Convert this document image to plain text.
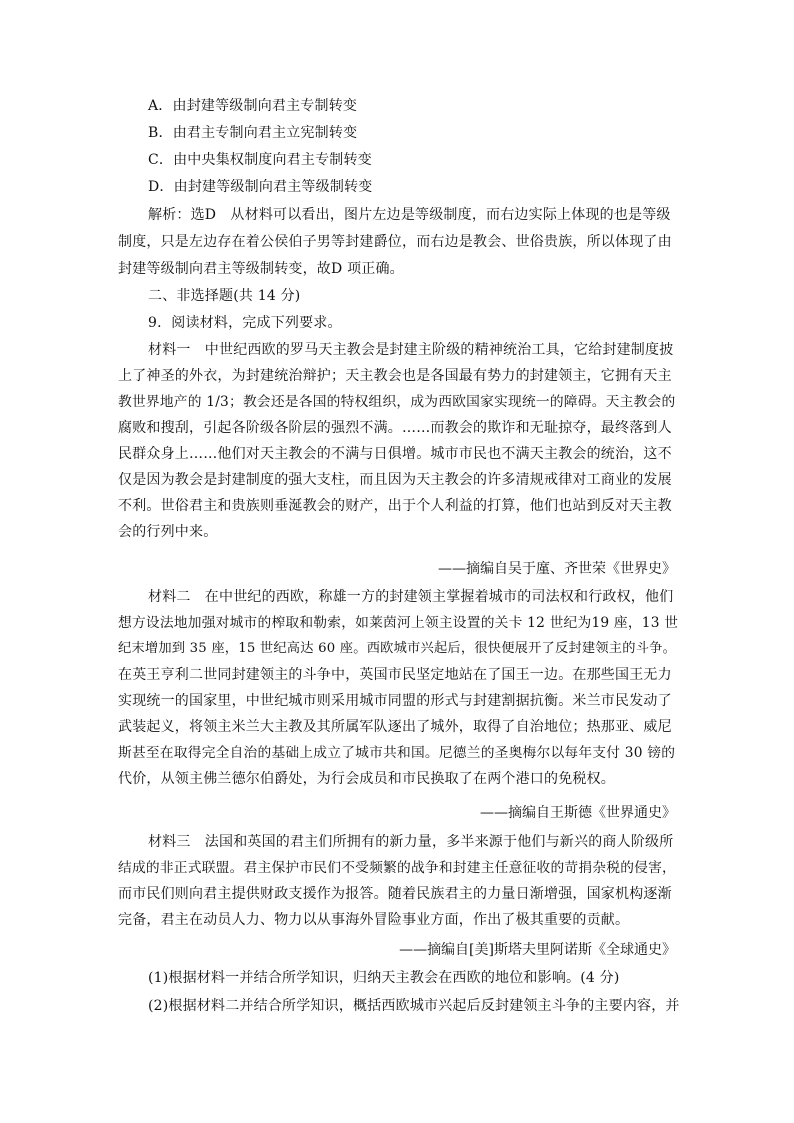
A．由封建等级制向君主专制转变
B．由君主专制向君主立宪制转变
C．由中央集权制度向君主专制转变
D．由封建等级制向君主等级制转变
解析：选D　从材料可以看出，图片左边是等级制度，而右边实际上体现的也是等级
制度，只是左边存在着公侯伯子男等封建爵位，而右边是教会、世俗贵族，所以体现了由
封建等级制向君主等级制转变，故D 项正确。
二、非选择题(共 14 分)
9．阅读材料，完成下列要求。
材料一　中世纪西欧的罗马天主教会是封建主阶级的精神统治工具，它给封建制度披
上了神圣的外衣，为封建统治辩护；天主教会也是各国最有势力的封建领主，它拥有天主
教世界地产的 1/3；教会还是各国的特权组织，成为西欧国家实现统一的障碍。天主教会的
腐败和搜刮，引起各阶级各阶层的强烈不满。……而教会的欺诈和无耻掠夺，最终落到人
民群众身上……他们对天主教会的不满与日俱增。城市市民也不满天主教会的统治，这不
仅是因为教会是封建制度的强大支柱，而且因为天主教会的许多清规戒律对工商业的发展
不利。世俗君主和贵族则垂涎教会的财产，出于个人利益的打算，他们也站到反对天主教
会的行列中来。
——摘编自吴于廑、齐世荣《世界史》
材料二　在中世纪的西欧，称雄一方的封建领主掌握着城市的司法权和行政权，他们
想方设法地加强对城市的榨取和勒索，如莱茵河上领主设置的关卡 12 世纪为19 座，13 世
纪末增加到 35 座，15 世纪高达 60 座。西欧城市兴起后，很快便展开了反封建领主的斗争。
在英王亨利二世同封建领主的斗争中，英国市民坚定地站在了国王一边。在那些国王无力
实现统一的国家里，中世纪城市则采用城市同盟的形式与封建割据抗衡。米兰市民发动了
武装起义，将领主米兰大主教及其所属军队逐出了城外，取得了自治地位；热那亚、威尼
斯甚至在取得完全自治的基础上成立了城市共和国。尼德兰的圣奥梅尔以每年支付 30 镑的
代价，从领主佛兰德尔伯爵处，为行会成员和市民换取了在两个港口的免税权。
——摘编自王斯德《世界通史》
材料三　法国和英国的君主们所拥有的新力量，多半来源于他们与新兴的商人阶级所
结成的非正式联盟。君主保护市民们不受频繁的战争和封建主任意征收的苛捐杂税的侵害，
而市民们则向君主提供财政支援作为报答。随着民族君主的力量日渐增强，国家机构逐渐
完备，君主在动员人力、物力以从事海外冒险事业方面，作出了极其重要的贡献。
——摘编自[美]斯塔夫里阿诺斯《全球通史》
(1)根据材料一并结合所学知识，归纳天主教会在西欧的地位和影响。(4 分)
(2)根据材料二并结合所学知识，概括西欧城市兴起后反封建领主斗争的主要内容，并
